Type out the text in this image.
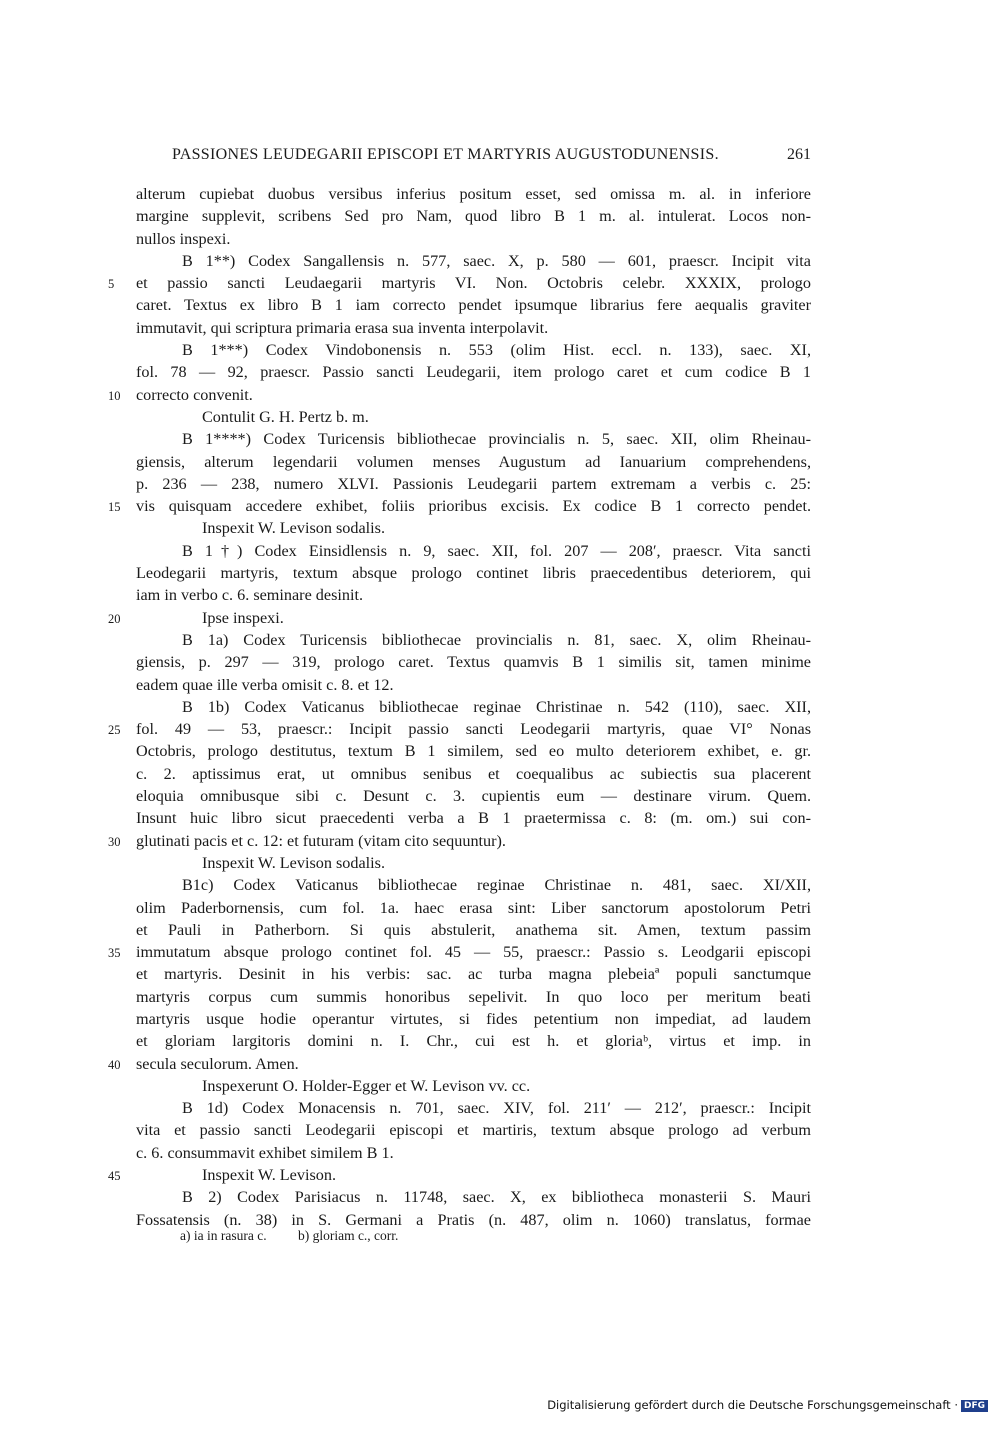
PASSIONES LEUDEGARII EPISCOPI ET MARTYRIS AUGUSTODUNENSIS.	261
alterum cupiebat duobus versibus inferius positum esset, sed omissa m. al. in inferiore
margine supplevit, scribens Sed pro Nam, quod libro B 1 m. al. intulerat. Locos non-
nullos inspexi.
B 1**) Codex Sangallensis n. 577, saec. X, p. 580 — 601, praescr. Incipit vita
5 et passio sancti Leudaegarii martyris VI. Non. Octobris celebr. XXXIX, prologo
caret. Textus ex libro B 1 iam correcto pendet ipsumque librarius fere aequalis graviter
immutavit, qui scriptura primaria erasa sua inventa interpolavit.
B 1***) Codex Vindobonensis n. 553 (olim Hist. eccl. n. 133), saec. XI,
fol. 78 — 92, praescr. Passio sancti Leudegarii, item prologo caret et cum codice B 1
10 correcto convenit.
Contulit G. H. Pertz b. m.
B 1****) Codex Turicensis bibliothecae provincialis n. 5, saec. XII, olim Rheinau-
giensis, alterum legendarii volumen menses Augustum ad Ianuarium comprehendens,
p. 236 — 238, numero XLVI. Passionis Leudegarii partem extremam a verbis c. 25:
15 vis quisquam accedere exhibet, foliis prioribus excisis. Ex codice B 1 correcto pendet.
Inspexit W. Levison sodalis.
B 1†) Codex Einsidlensis n. 9, saec. XII, fol. 207 — 208′, praescr. Vita sancti
Leodegarii martyris, textum absque prologo continet libris praecedentibus deteriorem, qui
iam in verbo c. 6. seminare desinit.
20	Ipse inspexi.
B 1a) Codex Turicensis bibliothecae provincialis n. 81, saec. X, olim Rheinau-
giensis, p. 297 — 319, prologo caret. Textus quamvis B 1 similis sit, tamen minime
eadem quae ille verba omisit c. 8. et 12.
B 1b) Codex Vaticanus bibliothecae reginae Christinae n. 542 (110), saec. XII,
25 fol. 49 — 53, praescr.: Incipit passio sancti Leodegarii martyris, quae VI° Nonas
Octobris, prologo destitutus, textum B 1 similem, sed eo multo deteriorem exhibet, e. gr.
c. 2. aptissimus erat, ut omnibus senibus et coequalibus ac subiectis sua placerent
eloquia omnibusque sibi c. Desunt c. 3. cupientis eum — destinare virum. Quem.
Insunt huic libro sicut praecedenti verba a B 1 praetermissa c. 8: (m. om.) sui con-
30 glutinati pacis et c. 12: et futuram (vitam cito sequuntur).
Inspexit W. Levison sodalis.
B1c) Codex Vaticanus bibliothecae reginae Christinae n. 481, saec. XI/XII,
olim Paderbornensis, cum fol. 1a. haec erasa sint: Liber sanctorum apostolorum Petri
et Pauli in Patherborn. Si quis abstulerit, anathema sit. Amen, textum passim
35 immutatum absque prologo continet fol. 45 — 55, praescr.: Passio s. Leodgarii episcopi
et martyris. Desinit in his verbis: sac. ac turba magna plebeiaª populi sanctumque
martyris corpus cum summis honoribus sepelivit. In quo loco per meritum beati
martyris usque hodie operantur virtutes, si fides petentium non impediat, ad laudem
et gloriam largitoris domini n. I. Chr., cui est h. et gloriaᵇ, virtus et imp. in
40 secula seculorum. Amen.
Inspexerunt O. Holder-Egger et W. Levison vv. cc.
B 1d) Codex Monacensis n. 701, saec. XIV, fol. 211′ — 212′, praescr.: Incipit
vita et passio sancti Leodegarii episcopi et martiris, textum absque prologo ad verbum
c. 6. consummavit exhibet similem B 1.
45	Inspexit W. Levison.
B 2) Codex Parisiacus n. 11748, saec. X, ex bibliotheca monasterii S. Mauri
Fossatensis (n. 38) in S. Germani a Pratis (n. 487, olim n. 1060) translatus, formae
a) ia in rasura c. b) gloriam c., corr.
Digitalisierung gefördert durch die Deutsche Forschungsgemeinschaft · DFG
